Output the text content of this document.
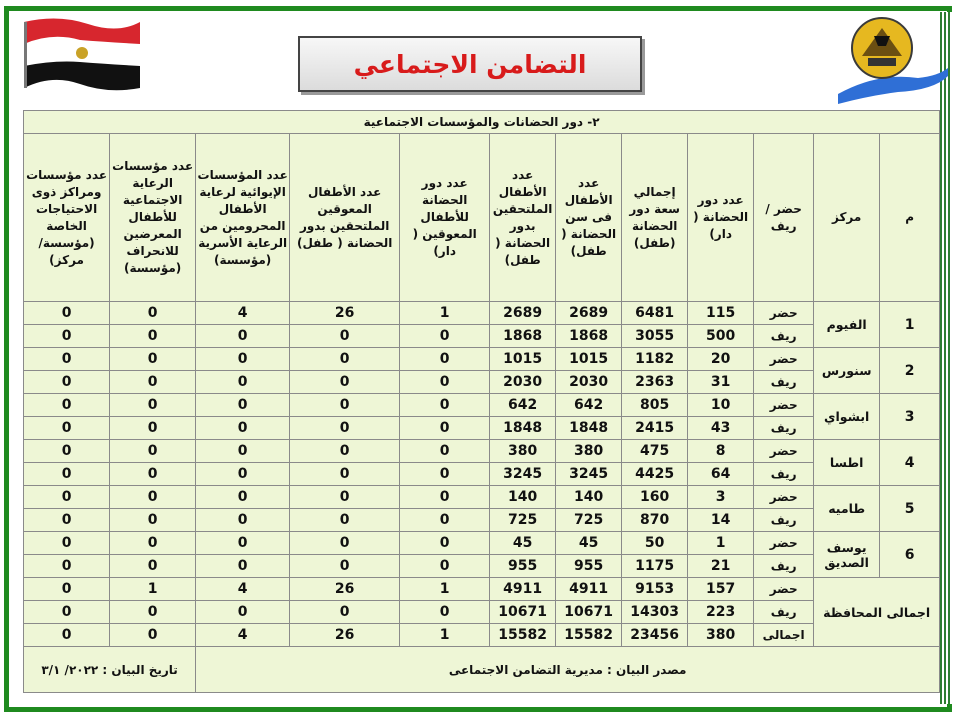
التضامن الاجتماعي
٢- دور الحضانات والمؤسسات الاجتماعية											
م	مركز	حضر /ريف	عدد دور الحضانة ( دار)	إجمالي سعة دور الحضانة (طفل)	عدد الأطفال فى سن الحضانة ( طفل)	عدد الأطفال الملتحقين بدور الحضانة ( طفل)	عدد دور الحضانة للأطفال المعوقين ( دار)	عدد الأطفال المعوقين الملتحقين بدور الحضانة ( طفل)	عدد المؤسسات الإيوائية لرعاية الأطفال المحرومين من الرعاية الأسرية (مؤسسة)	عدد مؤسسات الرعاية الاجتماعية للأطفال المعرضين للانحراف (مؤسسة)	عدد مؤسسات ومراكز ذوى الاحتياجات الخاصة (مؤسسة/مركز)
1	الفيوم	حضر	115	6481	2689	2689	1	26	4	0	0
		ريف	500	3055	1868	1868	0	0	0	0	0
2	سنورس	حضر	20	1182	1015	1015	0	0	0	0	0
		ريف	31	2363	2030	2030	0	0	0	0	0
3	ابشواي	حضر	10	805	642	642	0	0	0	0	0
		ريف	43	2415	1848	1848	0	0	0	0	0
4	اطسا	حضر	8	475	380	380	0	0	0	0	0
		ريف	64	4425	3245	3245	0	0	0	0	0
5	طاميه	حضر	3	160	140	140	0	0	0	0	0
		ريف	14	870	725	725	0	0	0	0	0
6	يوسف الصديق	حضر	1	50	45	45	0	0	0	0	0
		ريف	21	1175	955	955	0	0	0	0	0
اجمالى المحافظة		حضر	157	9153	4911	4911	1	26	4	1	0
		ريف	223	14303	10671	10671	0	0	0	0	0
		اجمالى	380	23456	15582	15582	1	26	4	0	0
مصدر البيان : مديرية التضامن الاجتماعى										تاريخ البيان : ٢٠٢٢/ ٣/١	
